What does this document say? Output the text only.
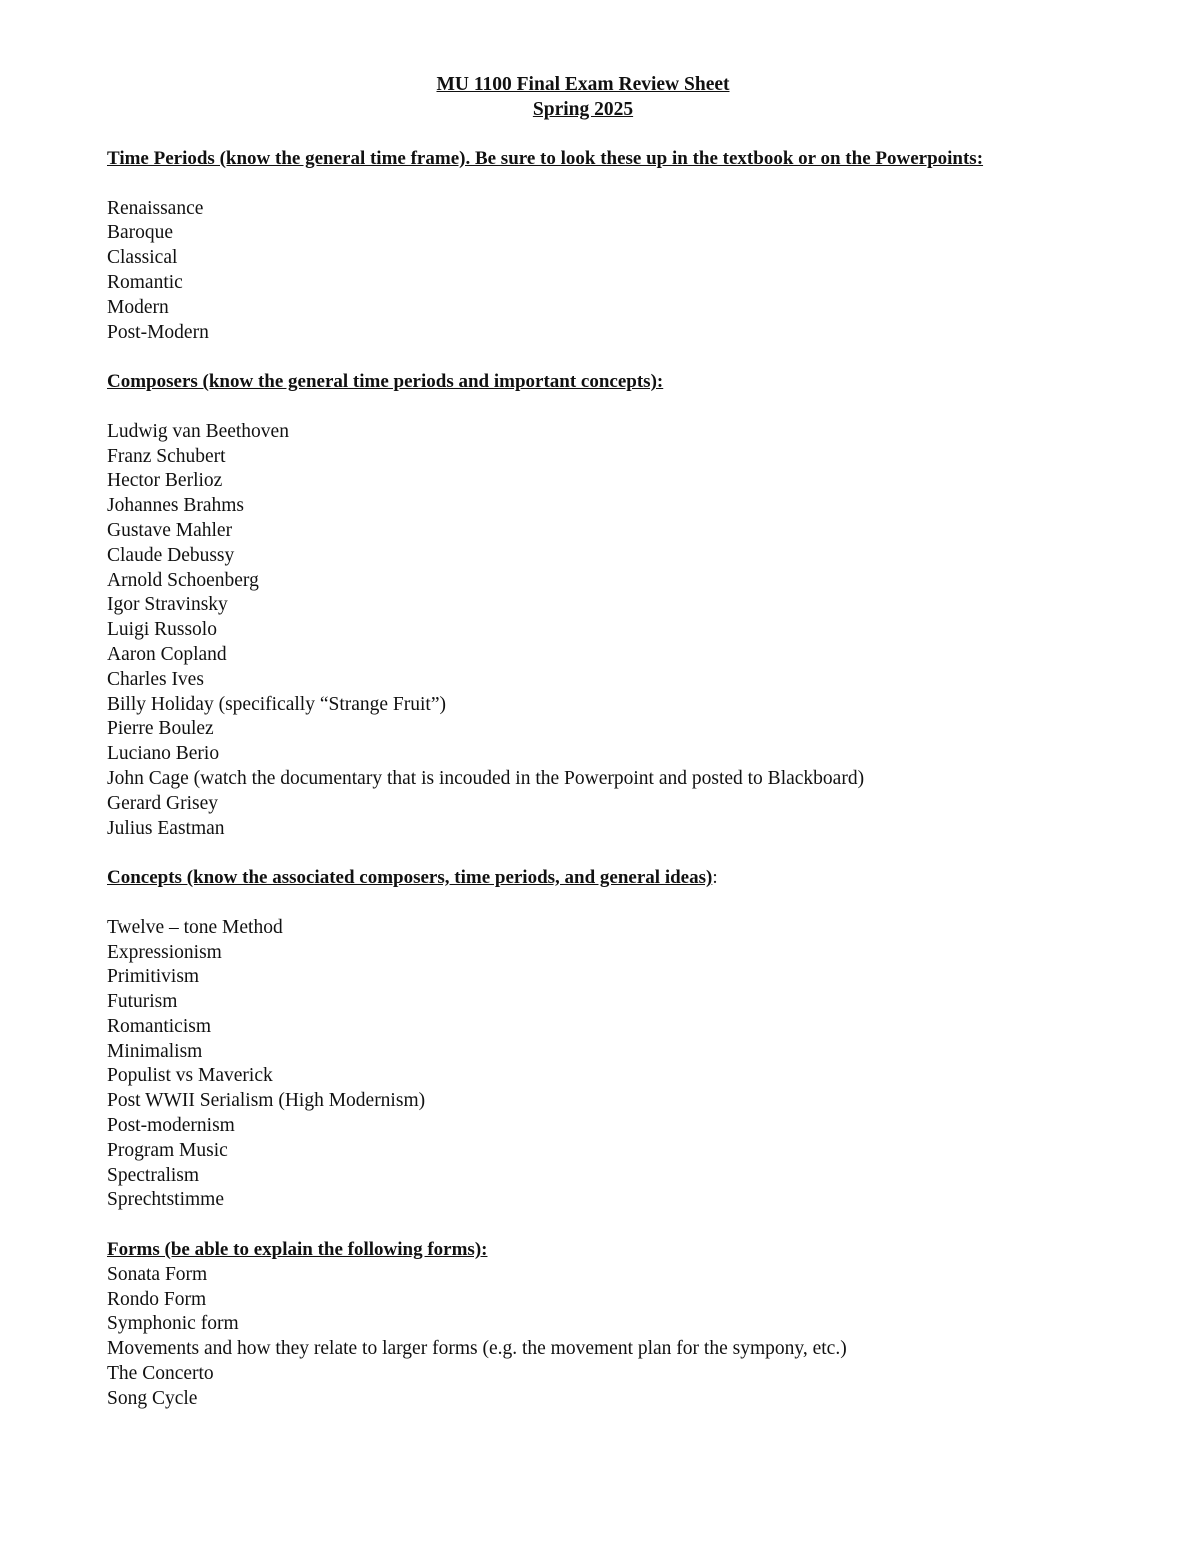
MU 1100 Final Exam Review Sheet
Spring 2025
Time Periods (know the general time frame). Be sure to look these up in the textbook or on the Powerpoints:
Renaissance
Baroque
Classical
Romantic
Modern
Post-Modern
Composers (know the general time periods and important concepts):
Ludwig van Beethoven
Franz Schubert
Hector Berlioz
Johannes Brahms
Gustave Mahler
Claude Debussy
Arnold Schoenberg
Igor Stravinsky
Luigi Russolo
Aaron Copland
Charles Ives
Billy Holiday (specifically “Strange Fruit”)
Pierre Boulez
Luciano Berio
John Cage (watch the documentary that is incouded in the Powerpoint and posted to Blackboard)
Gerard Grisey
Julius Eastman
Concepts (know the associated composers, time periods, and general ideas):
Twelve – tone Method
Expressionism
Primitivism
Futurism
Romanticism
Minimalism
Populist vs Maverick
Post WWII Serialism (High Modernism)
Post-modernism
Program Music
Spectralism
Sprechtstimme
Forms (be able to explain the following forms):
Sonata Form
Rondo Form
Symphonic form
Movements and how they relate to larger forms (e.g. the movement plan for the sympony, etc.)
The Concerto
Song Cycle
